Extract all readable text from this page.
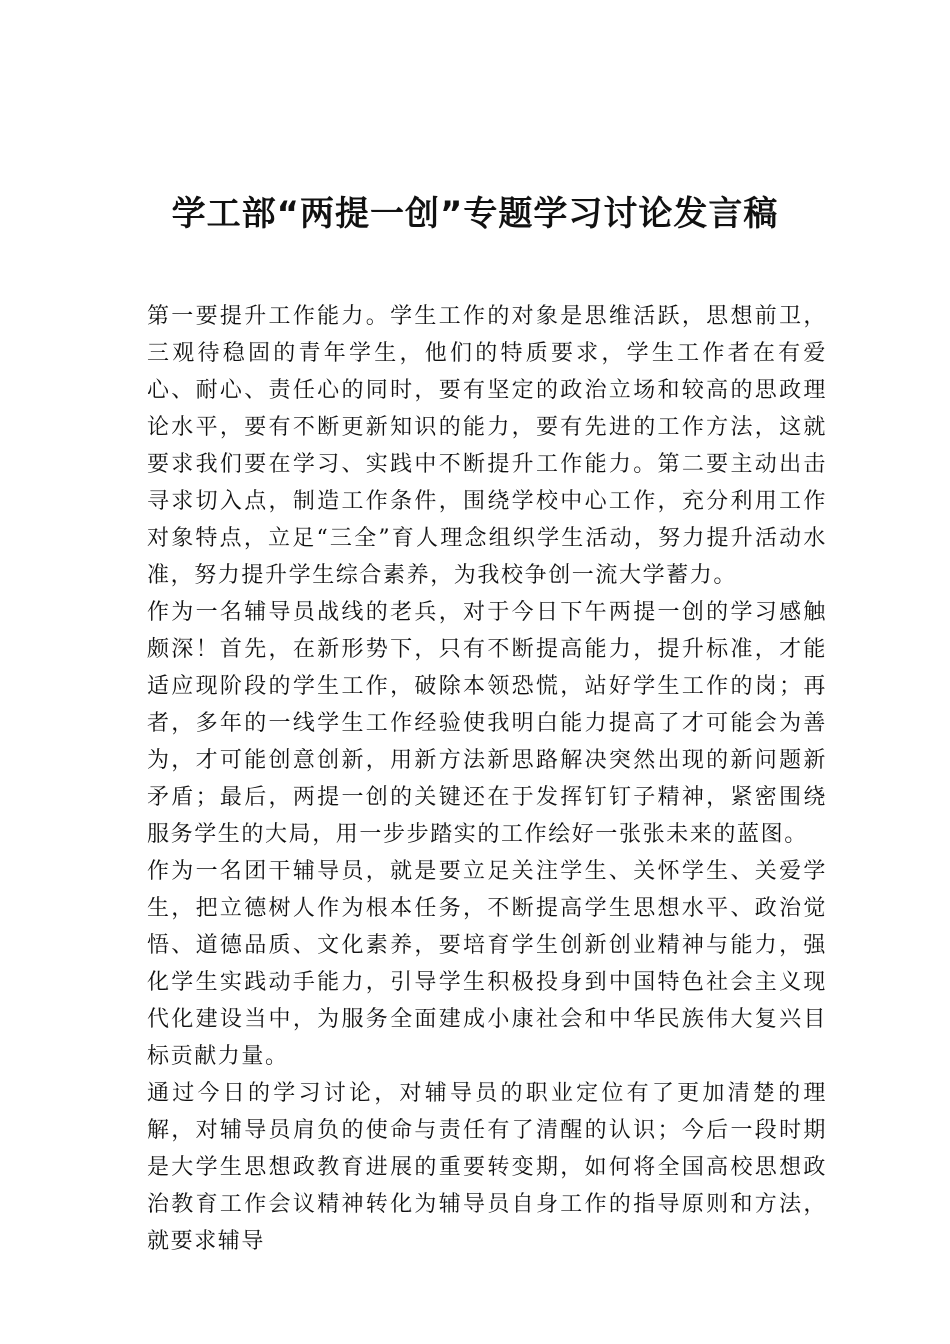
学工部“两提一创”专题学习讨论发言稿

第一要提升工作能力。学生工作的对象是思维活跃，思想前卫，三观待稳固的青年学生，他们的特质要求，学生工作者在有爱心、耐心、责任心的同时，要有坚定的政治立场和较高的思政理论水平，要有不断更新知识的能力，要有先进的工作方法，这就要求我们要在学习、实践中不断提升工作能力。第二要主动出击寻求切入点，制造工作条件，围绕学校中心工作，充分利用工作对象特点，立足“三全”育人理念组织学生活动，努力提升活动水准，努力提升学生综合素养，为我校争创一流大学蓄力。

作为一名辅导员战线的老兵，对于今日下午两提一创的学习感触颇深！首先，在新形势下，只有不断提高能力，提升标准，才能适应现阶段的学生工作，破除本领恐慌，站好学生工作的岗；再者，多年的一线学生工作经验使我明白能力提高了才可能会为善为，才可能创意创新，用新方法新思路解决突然出现的新问题新矛盾；最后，两提一创的关键还在于发挥钉钉子精神，紧密围绕服务学生的大局，用一步步踏实的工作绘好一张张未来的蓝图。

作为一名团干辅导员，就是要立足关注学生、关怀学生、关爱学生，把立德树人作为根本任务，不断提高学生思想水平、政治觉悟、道德品质、文化素养，要培育学生创新创业精神与能力，强化学生实践动手能力，引导学生积极投身到中国特色社会主义现代化建设当中，为服务全面建成小康社会和中华民族伟大复兴目标贡献力量。

通过今日的学习讨论，对辅导员的职业定位有了更加清楚的理解，对辅导员肩负的使命与责任有了清醒的认识；今后一段时期是大学生思想政教育进展的重要转变期，如何将全国高校思想政治教育工作会议精神转化为辅导员自身工作的指导原则和方法，就要求辅导
